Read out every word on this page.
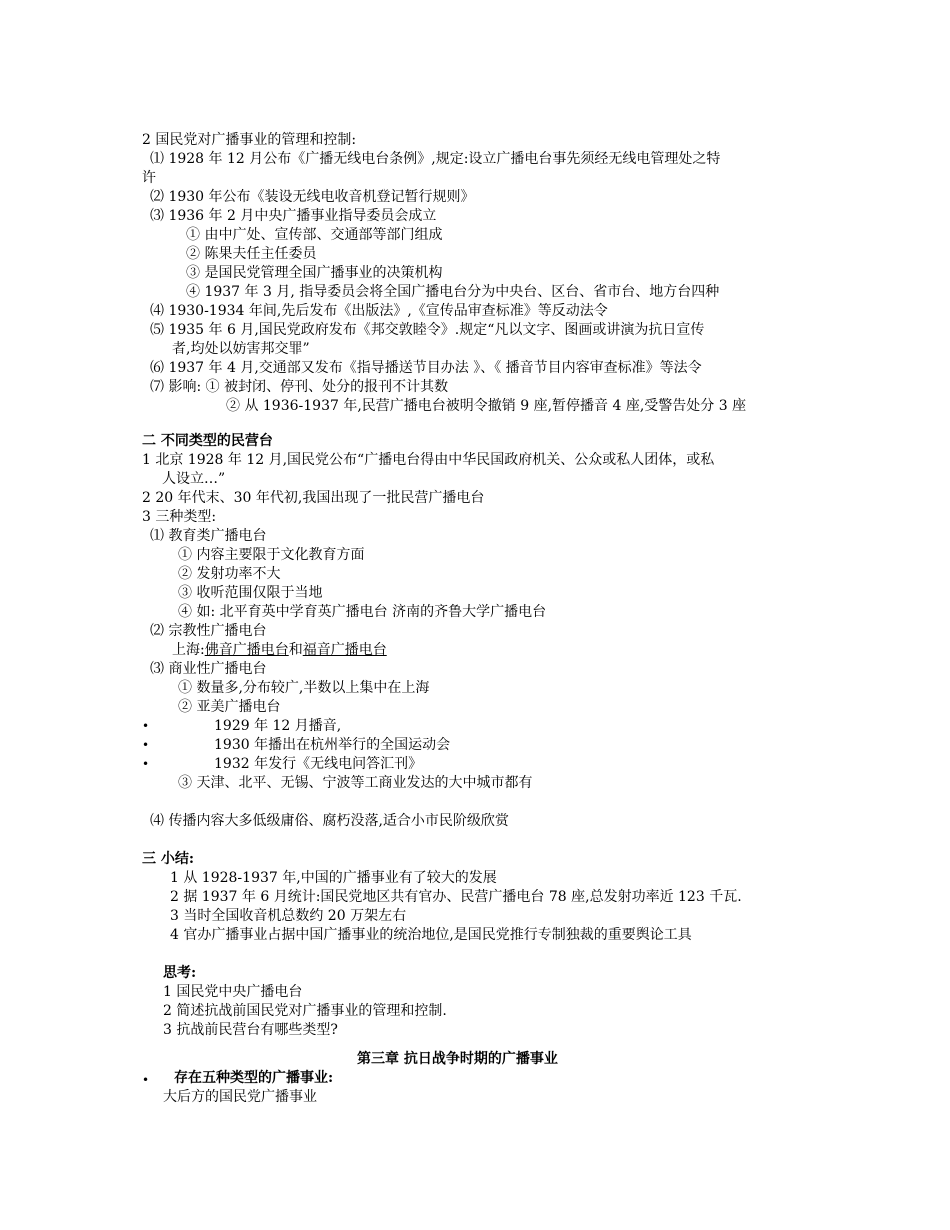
2 国民党对广播事业的管理和控制:
⑴ 1928 年 12 月公布《广播无线电台条例》,规定:设立广播电台事先须经无线电管理处之特
许
⑵ 1930 年公布《装设无线电收音机登记暂行规则》
⑶ 1936 年 2 月中央广播事业指导委员会成立
① 由中广处、宣传部、交通部等部门组成
② 陈果夫任主任委员
③ 是国民党管理全国广播事业的决策机构
④ 1937 年 3 月, 指导委员会将全国广播电台分为中央台、区台、省市台、地方台四种
⑷ 1930-1934 年间,先后发布《出版法》,《宣传品审查标准》等反动法令
⑸ 1935 年 6 月,国民党政府发布《邦交敦睦令》.规定“凡以文字、图画或讲演为抗日宣传
者,均处以妨害邦交罪”
⑹ 1937 年 4 月,交通部又发布《指导播送节目办法 》、《 播音节目内容审查标准》等法令
⑺ 影响: ① 被封闭、停刊、处分的报刊不计其数
② 从 1936-1937 年,民营广播电台被明令撤销 9 座,暂停播音 4 座,受警告处分 3 座
二 不同类型的民营台
1 北京 1928 年 12 月,国民党公布“广播电台得由中华民国政府机关、公众或私人团体，或私
人设立…”
2 20 年代末、30 年代初,我国出现了一批民营广播电台
3 三种类型:
⑴ 教育类广播电台
① 内容主要限于文化教育方面
② 发射功率不大
③ 收听范围仅限于当地
④ 如: 北平育英中学育英广播电台 济南的齐鲁大学广播电台
⑵ 宗教性广播电台
上海:佛音广播电台和福音广播电台
⑶ 商业性广播电台
① 数量多,分布较广,半数以上集中在上海
② 亚美广播电台
•	1929 年 12 月播音,
•	1930 年播出在杭州举行的全国运动会
•	1932 年发行《无线电问答汇刊》
③ 天津、北平、无锡、宁波等工商业发达的大中城市都有
⑷ 传播内容大多低级庸俗、腐朽没落,适合小市民阶级欣赏
三 小结:
1 从 1928-1937 年,中国的广播事业有了较大的发展
2 据 1937 年 6 月统计:国民党地区共有官办、民营广播电台 78 座,总发射功率近 123 千瓦.
3 当时全国收音机总数约 20 万架左右
4 官办广播事业占据中国广播事业的统治地位,是国民党推行专制独裁的重要舆论工具
思考:
1 国民党中央广播电台
2 简述抗战前国民党对广播事业的管理和控制.
3 抗战前民营台有哪些类型?
第三章 抗日战争时期的广播事业
• 存在五种类型的广播事业:
大后方的国民党广播事业
